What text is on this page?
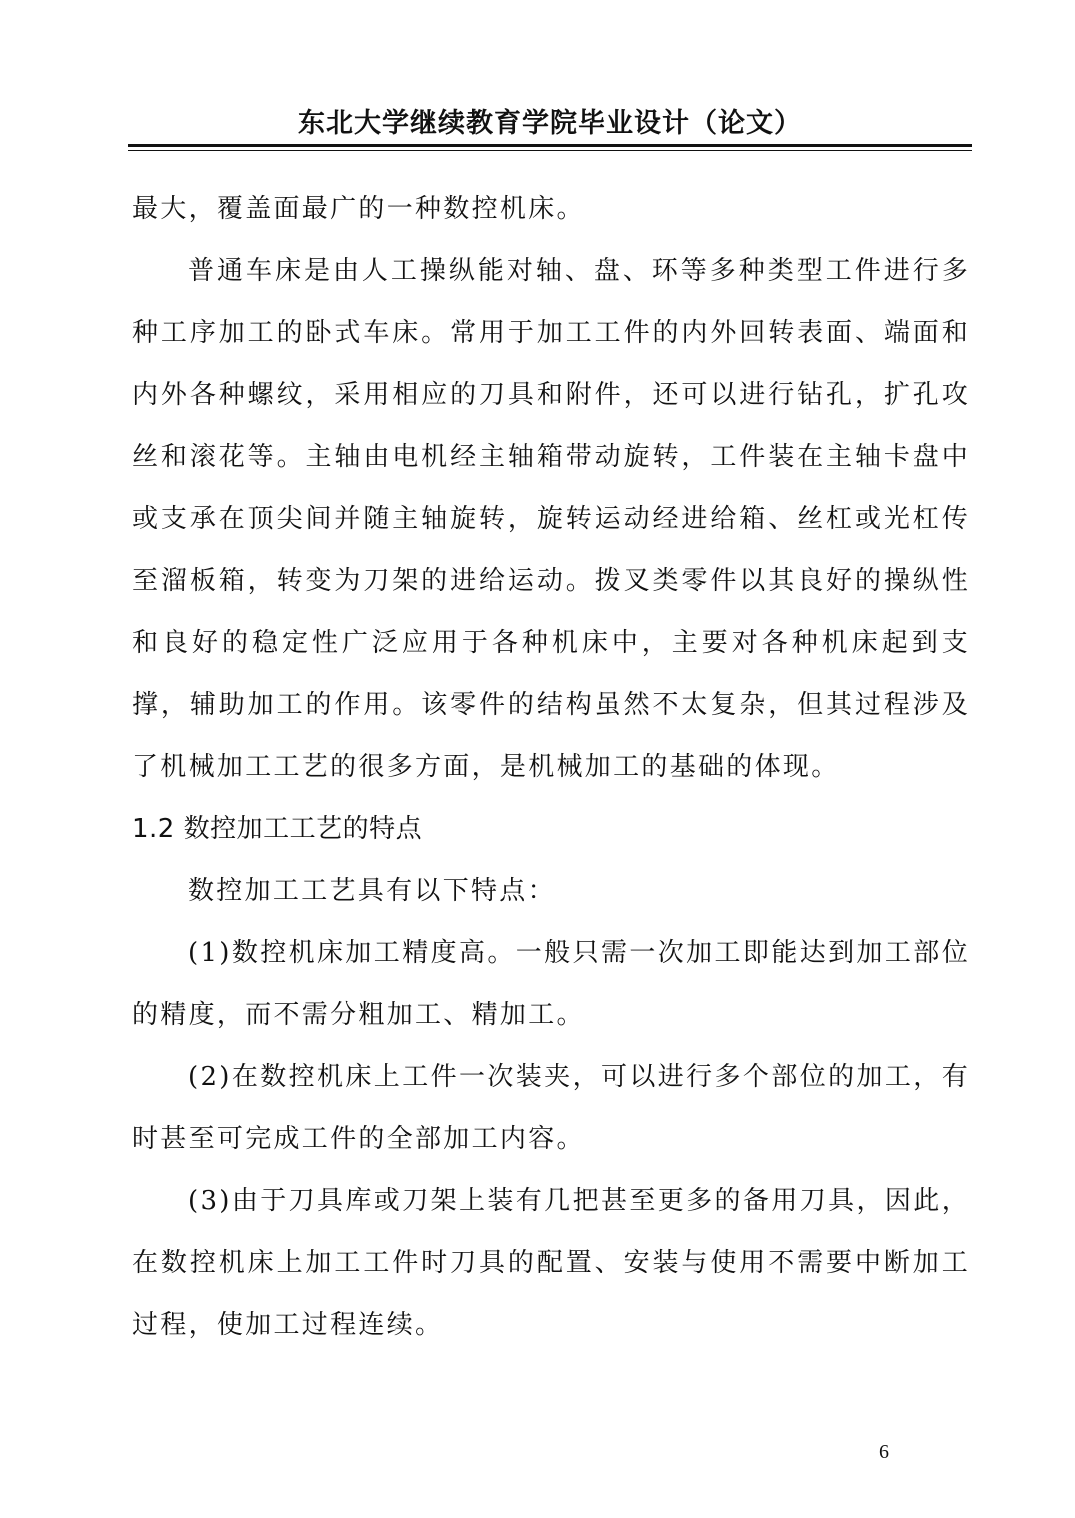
东北大学继续教育学院毕业设计（论文）

最大，覆盖面最广的一种数控机床。

普通车床是由人工操纵能对轴、盘、环等多种类型工件进行多种工序加工的卧式车床。常用于加工工件的内外回转表面、端面和内外各种螺纹，采用相应的刀具和附件，还可以进行钻孔，扩孔攻丝和滚花等。主轴由电机经主轴箱带动旋转，工件装在主轴卡盘中或支承在顶尖间并随主轴旋转，旋转运动经进给箱、丝杠或光杠传至溜板箱，转变为刀架的进给运动。拨叉类零件以其良好的操纵性和良好的稳定性广泛应用于各种机床中，主要对各种机床起到支撑，辅助加工的作用。该零件的结构虽然不太复杂，但其过程涉及了机械加工工艺的很多方面，是机械加工的基础的体现。

1.2 数控加工工艺的特点

数控加工工艺具有以下特点：

(1)数控机床加工精度高。一般只需一次加工即能达到加工部位的精度，而不需分粗加工、精加工。

(2)在数控机床上工件一次装夹，可以进行多个部位的加工，有时甚至可完成工件的全部加工内容。

(3)由于刀具库或刀架上装有几把甚至更多的备用刀具，因此，在数控机床上加工工件时刀具的配置、安装与使用不需要中断加工过程，使加工过程连续。

6
